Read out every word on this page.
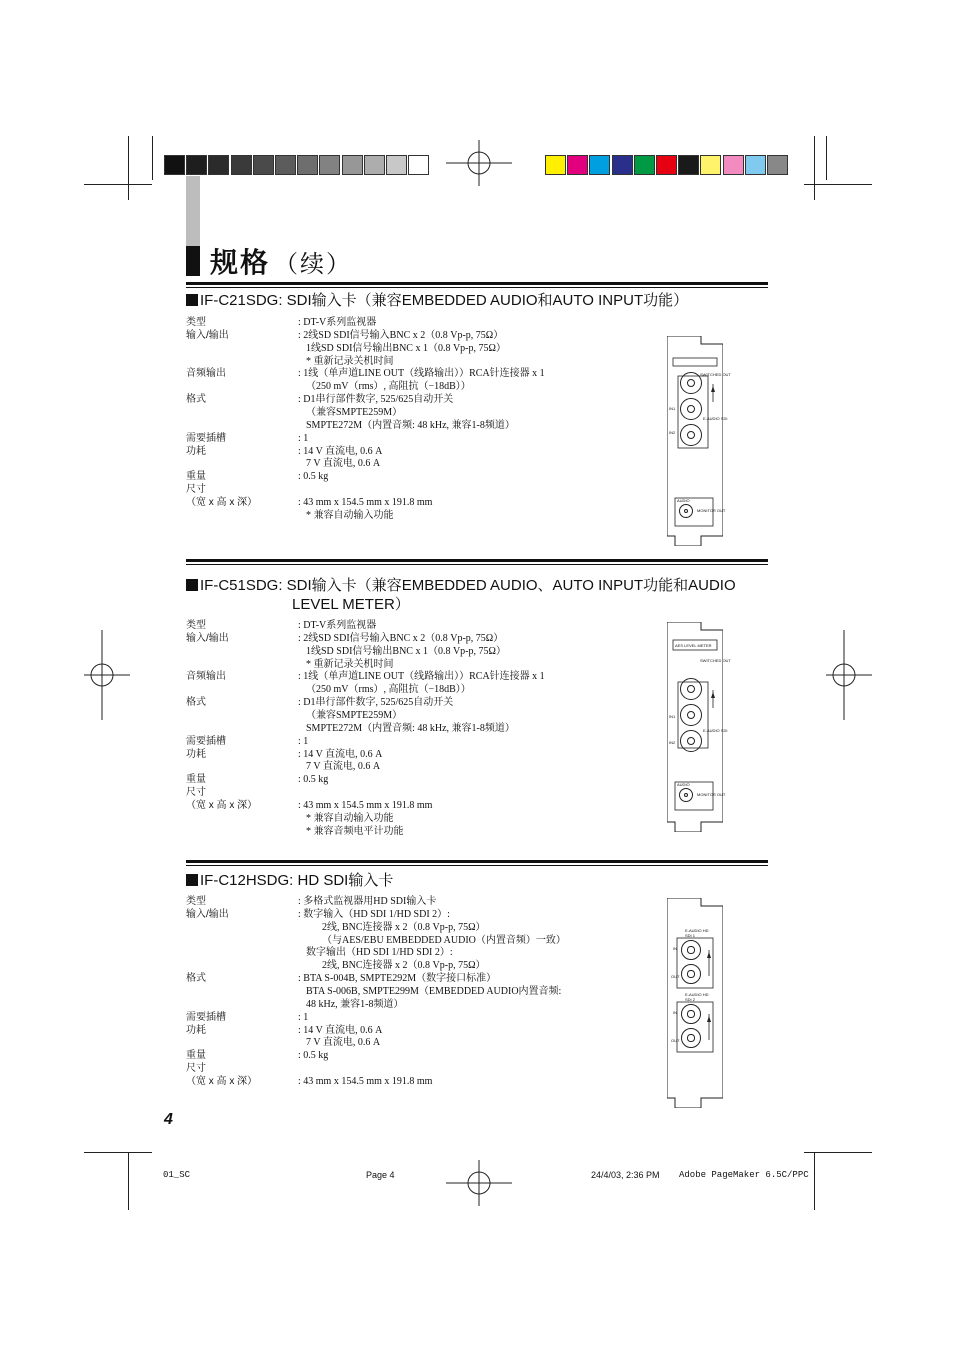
规格 （续）
IF-C21SDG: SDI输入卡（兼容EMBEDDED AUDIO和AUTO INPUT功能）
类型	: DT-V系列监视器
输入/输出	: 2线SD SDI信号输入BNC x 2（0.8 Vp-p, 75Ω）
1线SD SDI信号输出BNC x 1（0.8 Vp-p, 75Ω）
* 重新记录关机时间
音频输出	: 1线（单声道LINE OUT（线路输出））RCA针连接器 x 1
（250 mV（rms）, 高阻抗（−18dB））
格式	: D1串行部件数字, 525/625自动开关
（兼容SMPTE259M）
SMPTE272M（内置音频: 48 kHz, 兼容1-8频道）
需要插槽	: 1
功耗	: 14 V 直流电, 0.6 A
7 V 直流电, 0.6 A
重量	: 0.5 kg
尺寸
（宽 x 高 x 深）	: 43 mm x 154.5 mm x 191.8 mm
* 兼容自动输入功能
IF-C51SDG: SDI输入卡（兼容EMBEDDED AUDIO、AUTO INPUT功能和AUDIO
LEVEL METER）
类型	: DT-V系列监视器
输入/输出	: 2线SD SDI信号输入BNC x 2（0.8 Vp-p, 75Ω）
1线SD SDI信号输出BNC x 1（0.8 Vp-p, 75Ω）
* 重新记录关机时间
音频输出	: 1线（单声道LINE OUT（线路输出））RCA针连接器 x 1
（250 mV（rms）, 高阻抗（−18dB））
格式	: D1串行部件数字, 525/625自动开关
（兼容SMPTE259M）
SMPTE272M（内置音频: 48 kHz, 兼容1-8频道）
需要插槽	: 1
功耗	: 14 V 直流电, 0.6 A
7 V 直流电, 0.6 A
重量	: 0.5 kg
尺寸
（宽 x 高 x 深）	: 43 mm x 154.5 mm x 191.8 mm
* 兼容自动输入功能
* 兼容音频电平计功能
IF-C12HSDG: HD SDI输入卡
类型	: 多格式监视器用HD SDI输入卡
输入/输出	: 数字输入（HD SDI 1/HD SDI 2）:
2线, BNC连接器 x 2（0.8 Vp-p, 75Ω）
（与AES/EBU EMBEDDED AUDIO（内置音频）一致）
数字输出（HD SDI 1/HD SDI 2）:
2线, BNC连接器 x 2（0.8 Vp-p, 75Ω）
格式	: BTA S-004B, SMPTE292M（数字接口标准）
BTA S-006B, SMPTE299M（EMBEDDED AUDIO内置音频:
48 kHz, 兼容1-8频道）
需要插槽	: 1
功耗	: 14 V 直流电, 0.6 A
7 V 直流电, 0.6 A
重量	: 0.5 kg
尺寸
（宽 x 高 x 深）	: 43 mm x 154.5 mm x 191.8 mm
SWITCHED OUT
IN1
IN2
E-AUDIO SDI
AUDIO
MONITOR OUT
AES LEVEL METER
SWITCHED OUT
IN1
IN2
E-AUDIO SDI
AUDIO
MONITOR OUT
E-AUDIO HD SDI 1
IN
OUT
E-AUDIO HD SDI 2
IN
OUT
4
01_SC	Page 4	24/4/03, 2:36 PM Adobe PageMaker 6.5C/PPC
